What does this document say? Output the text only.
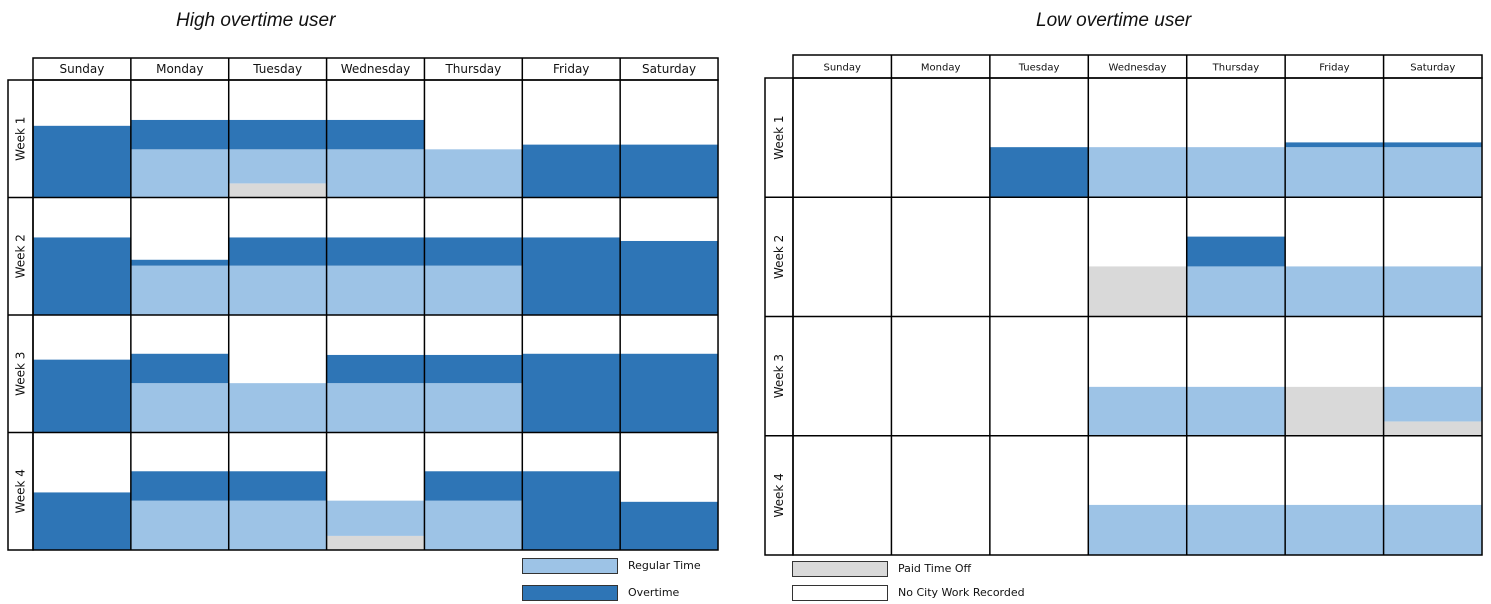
High overtime user	Low overtime user
Sunday	Monday	Tuesday	Wednesday	Thursday	Friday	Saturday
Week 1
Week 2
Week 3
Week 4
Sunday	Monday	Tuesday	Wednesday	Thursday	Friday	Saturday
Week 1
Week 2
Week 3
Week 4
Regular Time
Overtime
Paid Time Off
No City Work Recorded
